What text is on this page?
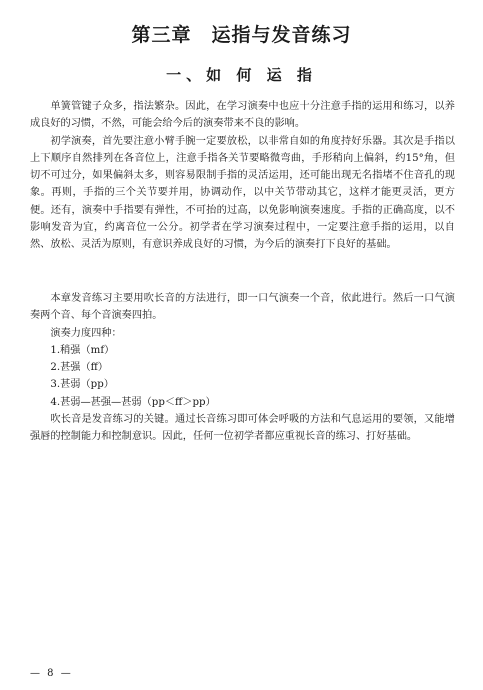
第三章　运指与发音练习
一、如 何 运 指

单簧管键子众多，指法繁杂。因此，在学习演奏中也应十分注意手指的运用和练习，以养成良好的习惯，不然，可能会给今后的演奏带来不良的影响。

初学演奏，首先要注意小臂手腕一定要放松，以非常自如的角度持好乐器。其次是手指以上下顺序自然排列在各音位上，注意手指各关节要略微弯曲，手形稍向上偏斜，约15°角，但切不可过分，如果偏斜太多，则容易限制手指的灵活运用，还可能出现无名指堵不住音孔的现象。再则，手指的三个关节要并用，协调动作，以中关节带动其它，这样才能更灵活，更方便。还有，演奏中手指要有弹性，不可抬的过高，以免影响演奏速度。手指的正确高度，以不影响发音为宜，约离音位一公分。初学者在学习演奏过程中，一定要注意手指的运用，以自然、放松、灵活为原则，有意识养成良好的习惯，为今后的演奏打下良好的基础。

本章发音练习主要用吹长音的方法进行，即一口气演奏一个音，依此进行。然后一口气演奏两个音、每个音演奏四拍。

演奏力度四种：

1.稍强（mf）

2.甚强（ff）

3.甚弱（pp）

4.甚弱—甚强—甚弱（pp＜ff＞pp）

吹长音是发音练习的关键。通过长音练习即可体会呼吸的方法和气息运用的要领，又能增强唇的控制能力和控制意识。因此，任何一位初学者都应重视长音的练习、打好基础。

— 8 —
